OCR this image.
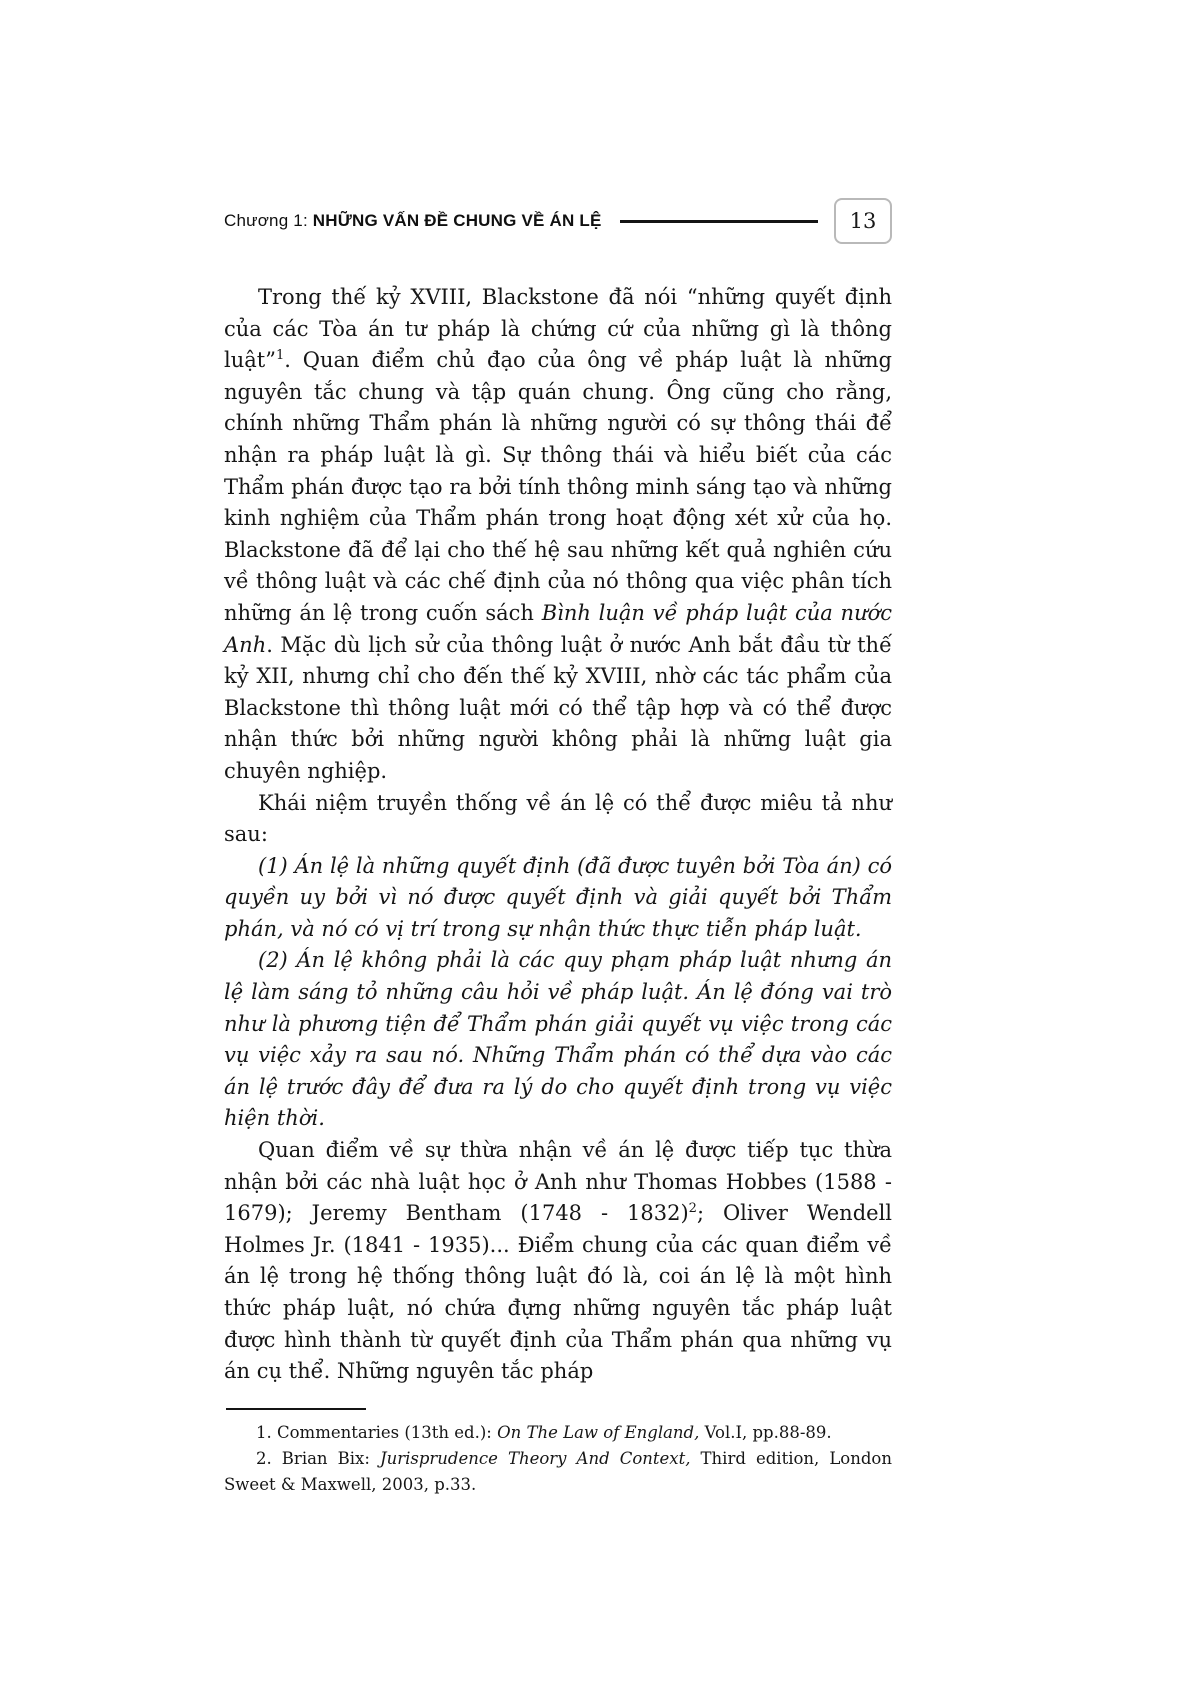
Chương 1: NHỮNG VẤN ĐỀ CHUNG VỀ ÁN LỆ	13

Trong thế kỷ XVIII, Blackstone đã nói “những quyết định của các Tòa án tư pháp là chứng cứ của những gì là thông luật”$^1$. Quan điểm chủ đạo của ông về pháp luật là những nguyên tắc chung và tập quán chung. Ông cũng cho rằng, chính những Thẩm phán là những người có sự thông thái để nhận ra pháp luật là gì. Sự thông thái và hiểu biết của các Thẩm phán được tạo ra bởi tính thông minh sáng tạo và những kinh nghiệm của Thẩm phán trong hoạt động xét xử của họ. Blackstone đã để lại cho thế hệ sau những kết quả nghiên cứu về thông luật và các chế định của nó thông qua việc phân tích những án lệ trong cuốn sách Bình luận về pháp luật của nước Anh. Mặc dù lịch sử của thông luật ở nước Anh bắt đầu từ thế kỷ XII, nhưng chỉ cho đến thế kỷ XVIII, nhờ các tác phẩm của Blackstone thì thông luật mới có thể tập hợp và có thể được nhận thức bởi những người không phải là những luật gia chuyên nghiệp.

Khái niệm truyền thống về án lệ có thể được miêu tả như sau:

(1) Án lệ là những quyết định (đã được tuyên bởi Tòa án) có quyền uy bởi vì nó được quyết định và giải quyết bởi Thẩm phán, và nó có vị trí trong sự nhận thức thực tiễn pháp luật.

(2) Án lệ không phải là các quy phạm pháp luật nhưng án lệ làm sáng tỏ những câu hỏi về pháp luật. Án lệ đóng vai trò như là phương tiện để Thẩm phán giải quyết vụ việc trong các vụ việc xảy ra sau nó. Những Thẩm phán có thể dựa vào các án lệ trước đây để đưa ra lý do cho quyết định trong vụ việc hiện thời.

Quan điểm về sự thừa nhận về án lệ được tiếp tục thừa nhận bởi các nhà luật học ở Anh như Thomas Hobbes (1588 - 1679); Jeremy Bentham (1748 - 1832)$^2$; Oliver Wendell Holmes Jr. (1841 - 1935)... Điểm chung của các quan điểm về án lệ trong hệ thống thông luật đó là, coi án lệ là một hình thức pháp luật, nó chứa đựng những nguyên tắc pháp luật được hình thành từ quyết định của Thẩm phán qua những vụ án cụ thể. Những nguyên tắc pháp

1. Commentaries (13th ed.): On The Law of England, Vol.I, pp.88-89.

2. Brian Bix: Jurisprudence Theory And Context, Third edition, London Sweet & Maxwell, 2003, p.33.
